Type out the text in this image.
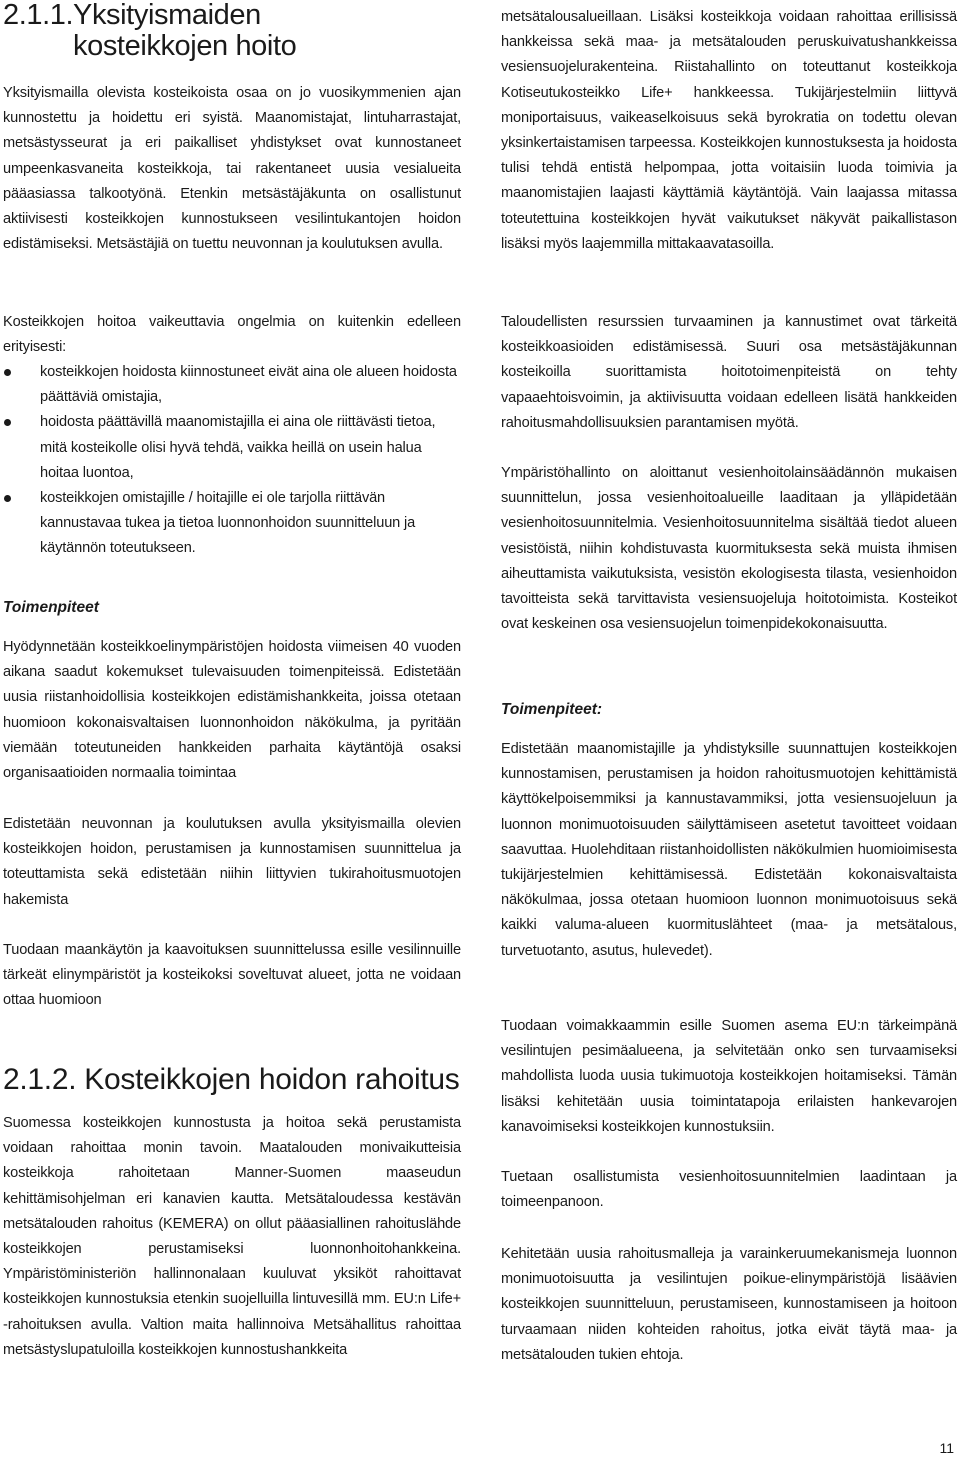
2.1.1.Yksityismaiden
kosteikkojen hoito

Yksityismailla olevista kosteikoista osaa on jo vuosikymmenien ajan kunnostettu ja hoidettu eri syistä. Maanomistajat, lintuharrastajat, metsästysseurat ja eri paikalliset yhdistykset ovat kunnostaneet umpeenkasvaneita kosteikkoja, tai rakentaneet uusia vesialueita pääasiassa talkootyönä. Etenkin metsästäjäkunta on osallistunut aktiivisesti kosteikkojen kunnostukseen vesilintukantojen hoidon edistämiseksi. Metsästäjiä on tuettu neuvonnan ja koulutuksen avulla.

Kosteikkojen hoitoa vaikeuttavia ongelmia on kuitenkin edelleen erityisesti:

kosteikkojen hoidosta kiinnostuneet eivät aina ole alueen hoidosta päättäviä omistajia,
hoidosta päättävillä maanomistajilla ei aina ole riittävästi tietoa, mitä kosteikolle olisi hyvä tehdä, vaikka heillä on usein halua hoitaa luontoa,
kosteikkojen omistajille / hoitajille ei ole tarjolla riittävän kannustavaa tukea ja tietoa luonnonhoidon suunnitteluun ja käytännön toteutukseen.
Toimenpiteet

Hyödynnetään kosteikkoelinympäristöjen hoidosta viimeisen 40 vuoden aikana saadut kokemukset tulevaisuuden toimenpiteissä. Edistetään uusia riistanhoidollisia kosteikkojen edistämishankkeita, joissa otetaan huomioon kokonaisvaltaisen luonnonhoidon näkökulma, ja pyritään viemään toteutuneiden hankkeiden parhaita käytäntöjä osaksi organisaatioiden normaalia toimintaa

Edistetään neuvonnan ja koulutuksen avulla yksityismailla olevien kosteikkojen hoidon, perustamisen ja kunnostamisen suunnittelua ja toteuttamista sekä edistetään niihin liittyvien tukirahoitusmuotojen hakemista

Tuodaan maankäytön ja kaavoituksen suunnittelussa esille vesilinnuille tärkeät elinympäristöt ja kosteikoksi soveltuvat alueet, jotta ne voidaan ottaa huomioon

2.1.2. Kosteikkojen hoidon rahoitus

Suomessa kosteikkojen kunnostusta ja hoitoa sekä perustamista voidaan rahoittaa monin tavoin. Maatalouden monivaikutteisia kosteikkoja rahoitetaan Manner-Suomen maaseudun kehittämisohjelman eri kanavien kautta. Metsätaloudessa kestävän metsätalouden rahoitus (KEMERA) on ollut pääasiallinen rahoituslähde kosteikkojen perustamiseksi luonnonhoitohankkeina. Ympäristöministeriön hallinnonalaan kuuluvat yksiköt rahoittavat kosteikkojen kunnostuksia etenkin suojelluilla lintuvesillä mm. EU:n Life+ -rahoituksen avulla. Valtion maita hallinnoiva Metsähallitus rahoittaa metsästyslupatuloilla kosteikkojen kunnostushankkeita

metsätalousalueillaan. Lisäksi kosteikkoja voidaan rahoittaa erillisissä hankkeissa sekä maa- ja metsätalouden peruskuivatushankkeissa vesiensuojelurakenteina. Riistahallinto on toteuttanut kosteikkoja Kotiseutukosteikko Life+ hankkeessa. Tukijärjestelmiin liittyvä moniportaisuus, vaikeaselkoisuus sekä byrokratia on todettu olevan yksinkertaistamisen tarpeessa. Kosteikkojen kunnostuksesta ja hoidosta tulisi tehdä entistä helpompaa, jotta voitaisiin luoda toimivia ja maanomistajien laajasti käyttämiä käytäntöjä. Vain laajassa mitassa toteutettuina kosteikkojen hyvät vaikutukset näkyvät paikallistason lisäksi myös laajemmilla mittakaavatasoilla.

Taloudellisten resurssien turvaaminen ja kannustimet ovat tärkeitä kosteikkoasioiden edistämisessä. Suuri osa metsästäjäkunnan kosteikoilla suorittamista hoitotoimenpiteistä on tehty vapaaehtoisvoimin, ja aktiivisuutta voidaan edelleen lisätä hankkeiden rahoitusmahdollisuuksien parantamisen myötä.

Ympäristöhallinto on aloittanut vesienhoitolainsäädännön mukaisen suunnittelun, jossa vesienhoitoalueille laaditaan ja ylläpidetään vesienhoitosuunnitelmia. Vesienhoitosuunnitelma sisältää tiedot alueen vesistöistä, niihin kohdistuvasta kuormituksesta sekä muista ihmisen aiheuttamista vaikutuksista, vesistön ekologisesta tilasta, vesienhoidon tavoitteista sekä tarvittavista vesiensuojeluja hoitotoimista. Kosteikot ovat keskeinen osa vesiensuojelun toimenpidekokonaisuutta.

Toimenpiteet:

Edistetään maanomistajille ja yhdistyksille suunnattujen kosteikkojen kunnostamisen, perustamisen ja hoidon rahoitusmuotojen kehittämistä käyttökelpoisemmiksi ja kannustavammiksi, jotta vesiensuojeluun ja luonnon monimuotoisuuden säilyttämiseen asetetut tavoitteet voidaan saavuttaa. Huolehditaan riistanhoidollisten näkökulmien huomioimisesta tukijärjestelmien kehittämisessä. Edistetään kokonaisvaltaista näkökulmaa, jossa otetaan huomioon luonnon monimuotoisuus sekä kaikki valuma-alueen kuormituslähteet (maa- ja metsätalous, turvetuotanto, asutus, hulevedet).

Tuodaan voimakkaammin esille Suomen asema EU:n tärkeimpänä vesilintujen pesimäalueena, ja selvitetään onko sen turvaamiseksi mahdollista luoda uusia tukimuotoja kosteikkojen hoitamiseksi. Tämän lisäksi kehitetään uusia toimintatapoja erilaisten hankevarojen kanavoimiseksi kosteikkojen kunnostuksiin.

Tuetaan osallistumista vesienhoitosuunnitelmien laadintaan ja toimeenpanoon.

Kehitetään uusia rahoitusmalleja ja varainkeruumekanismeja luonnon monimuotoisuutta ja vesilintujen poikue-elinympäristöjä lisäävien kosteikkojen suunnitteluun, perustamiseen, kunnostamiseen ja hoitoon turvaamaan niiden kohteiden rahoitus, jotka eivät täytä maa- ja metsätalouden tukien ehtoja.

11
